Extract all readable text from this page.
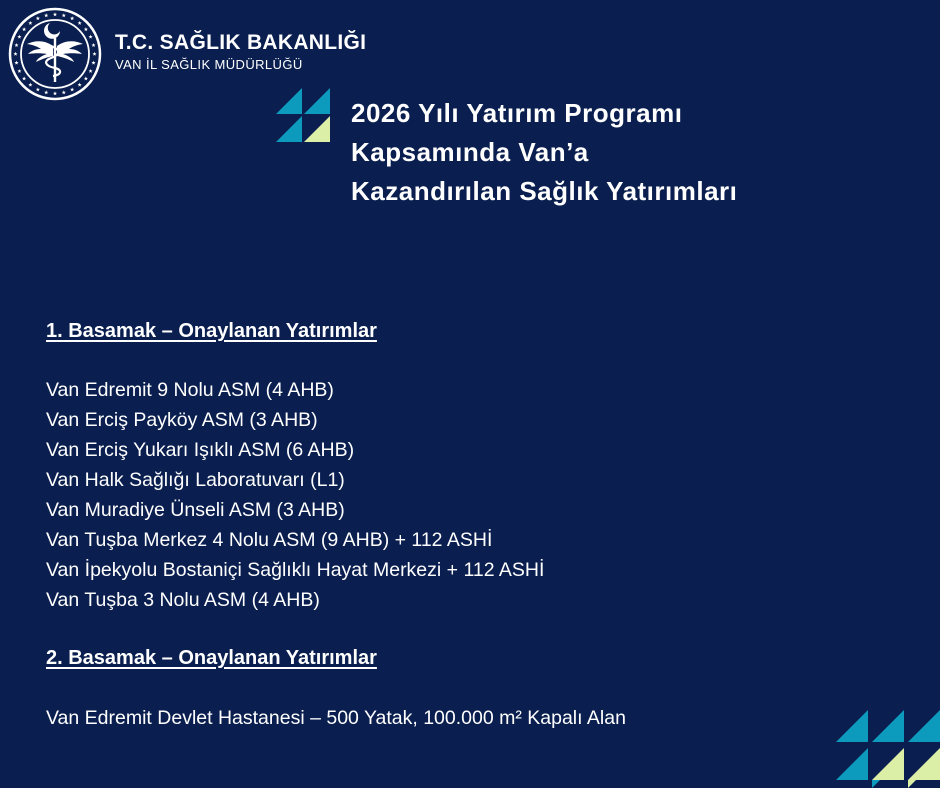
T.C. SAĞLIK BAKANLIĞI
VAN İL SAĞLIK MÜDÜRLÜĞÜ
2026 Yılı Yatırım Programı Kapsamında Van’a Kazandırılan Sağlık Yatırımları
1. Basamak – Onaylanan Yatırımlar
Van Edremit 9 Nolu ASM (4 AHB)
Van Erciş Payköy ASM (3 AHB)
Van Erciş Yukarı Işıklı ASM (6 AHB)
Van Halk Sağlığı Laboratuvarı (L1)
Van Muradiye Ünseli ASM (3 AHB)
Van Tuşba Merkez 4 Nolu ASM (9 AHB) + 112 ASHİ
Van İpekyolu Bostaniçi Sağlıklı Hayat Merkezi + 112 ASHİ
Van Tuşba 3 Nolu ASM (4 AHB)
2. Basamak – Onaylanan Yatırımlar
Van Edremit Devlet Hastanesi – 500 Yatak, 100.000 m² Kapalı Alan
